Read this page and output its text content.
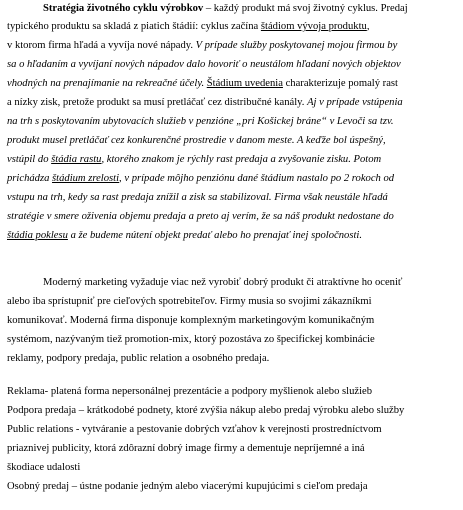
Stratégia životného cyklu výrobkov – každý produkt má svoj životný cyklus. Predaj
typického produktu sa skladá z piatich štádií: cyklus začína štádiom vývoja produktu,
v ktorom firma hľadá a vyvíja nové nápady. V prípade služby poskytovanej mojou firmou by
sa o hľadaním a vyvíjaní nových nápadov dalo hovoriť o neustálom hľadaní nových objektov
vhodných na prenajímanie na rekreačné účely. Štádium uvedenia charakterizuje pomalý rast
a nízky zisk, pretože produkt sa musí pretláčať cez distribučné kanály. Aj v prípade vstúpenia
na trh s poskytovaním ubytovacích služieb v penzióne „pri Košickej bráne“ v Levoči sa tzv.
produkt musel pretláčať cez konkurenčné prostredie v danom meste. A keďže bol úspešný,
vstúpil do štádia rastu, ktorého znakom je rýchly rast predaja a zvyšovanie zisku. Potom
prichádza štádium zrelosti, v prípade môjho penziónu dané štádium nastalo po 2 rokoch od
vstupu na trh, kedy sa rast predaja znížil a zisk sa stabilizoval. Firma však neustále hľadá
stratégie v smere oživenia objemu predaja a preto aj verím, že sa náš produkt nedostane do
štádia poklesu a že budeme nútení objekt predať alebo ho prenajať inej spoločnosti.
Moderný marketing vyžaduje viac než vyrobiť dobrý produkt či atraktívne ho oceniť
alebo iba sprístupniť pre cieľových spotrebiteľov. Firmy musia so svojimi zákazníkmi
komunikovať. Moderná firma disponuje komplexným marketingovým komunikačným
systémom, nazývaným tiež promotion-mix, ktorý pozostáva zo špecifickej kombinácie
reklamy, podpory predaja, public relation a osobného predaja.
Reklama- platená forma nepersonálnej prezentácie a podpory myšlienok alebo služieb
Podpora predaja – krátkodobé podnety, ktoré zvýšia nákup alebo predaj výrobku alebo služby
Public relations - vytváranie a pestovanie dobrých vzťahov k verejnosti prostredníctvom
priaznivej publicity, ktorá zdôrazní dobrý image firmy a dementuje nepríjemné a iná
škodiace udalosti
Osobný predaj – ústne podanie jedným alebo viacerými kupujúcimi s cieľom predaja
